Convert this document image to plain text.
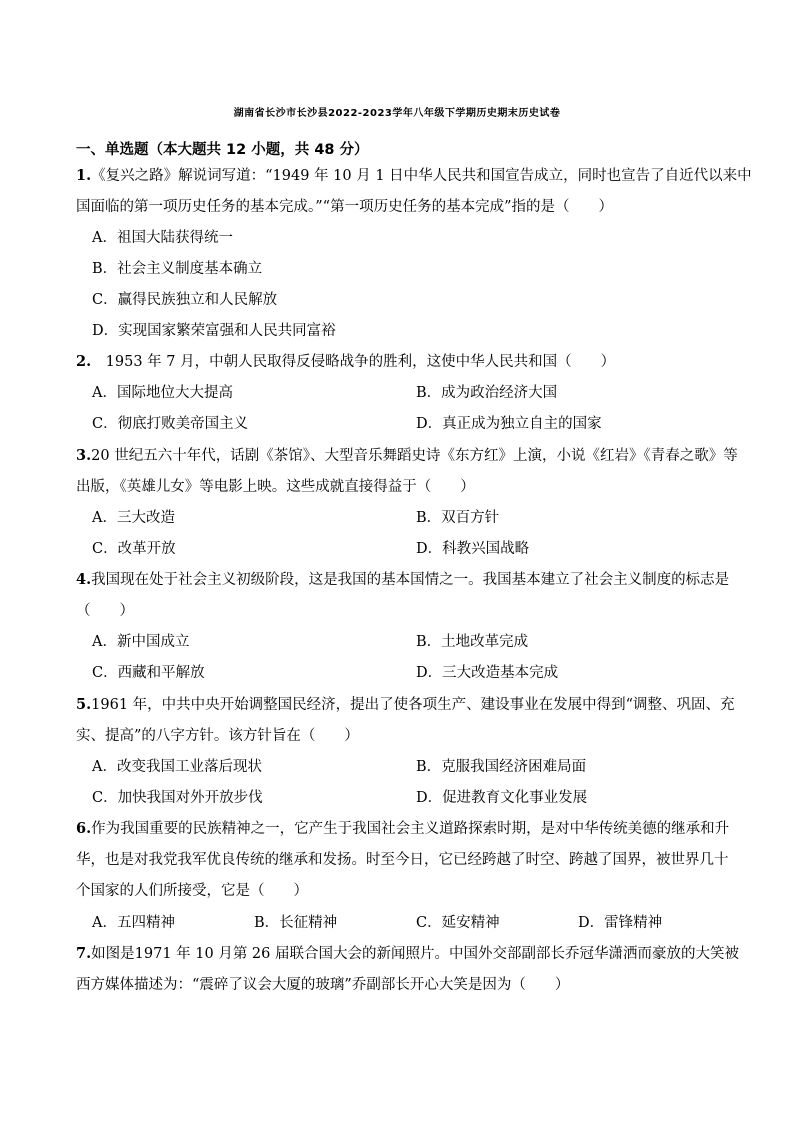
湖南省长沙市长沙县2022-2023学年八年级下学期历史期末历史试卷
一、单选题（本大题共 12 小题，共 48 分）
1.《复兴之路》解说词写道：“1949 年 10 月 1 日中华人民共和国宣告成立，同时也宣告了自近代以来中
国面临的第一项历史任务的基本完成。”“第一项历史任务的基本完成”指的是（　　）
A．祖国大陆获得统一
B．社会主义制度基本确立
C．赢得民族独立和人民解放
D．实现国家繁荣富强和人民共同富裕
2.　1953 年 7 月，中朝人民取得反侵略战争的胜利，这使中华人民共和国（　　）
A．国际地位大大提高	B．成为政治经济大国
C．彻底打败美帝国主义	D．真正成为独立自主的国家
3.20 世纪五六十年代，话剧《茶馆》、大型音乐舞蹈史诗《东方红》上演，小说《红岩》《青春之歌》等
出版，《英雄儿女》等电影上映。这些成就直接得益于（　　）
A．三大改造	B．双百方针
C．改革开放	D．科教兴国战略
4.我国现在处于社会主义初级阶段，这是我国的基本国情之一。我国基本建立了社会主义制度的标志是
（　　）
A．新中国成立	B．土地改革完成
C．西藏和平解放	D．三大改造基本完成
5.1961 年，中共中央开始调整国民经济，提出了使各项生产、建设事业在发展中得到“调整、巩固、充
实、提高”的八字方针。该方针旨在（　　）
A．改变我国工业落后现状	B．克服我国经济困难局面
C．加快我国对外开放步伐	D．促进教育文化事业发展
6.作为我国重要的民族精神之一，它产生于我国社会主义道路探索时期，是对中华传统美德的继承和升
华，也是对我党我军优良传统的继承和发扬。时至今日，它已经跨越了时空、跨越了国界，被世界几十
个国家的人们所接受，它是（　　）
A．五四精神	B．长征精神	C．延安精神	D．雷锋精神
7.如图是1971 年 10 月第 26 届联合国大会的新闻照片。中国外交部副部长乔冠华潇洒而豪放的大笑被
西方媒体描述为：“震碎了议会大厦的玻璃”乔副部长开心大笑是因为（　　）
